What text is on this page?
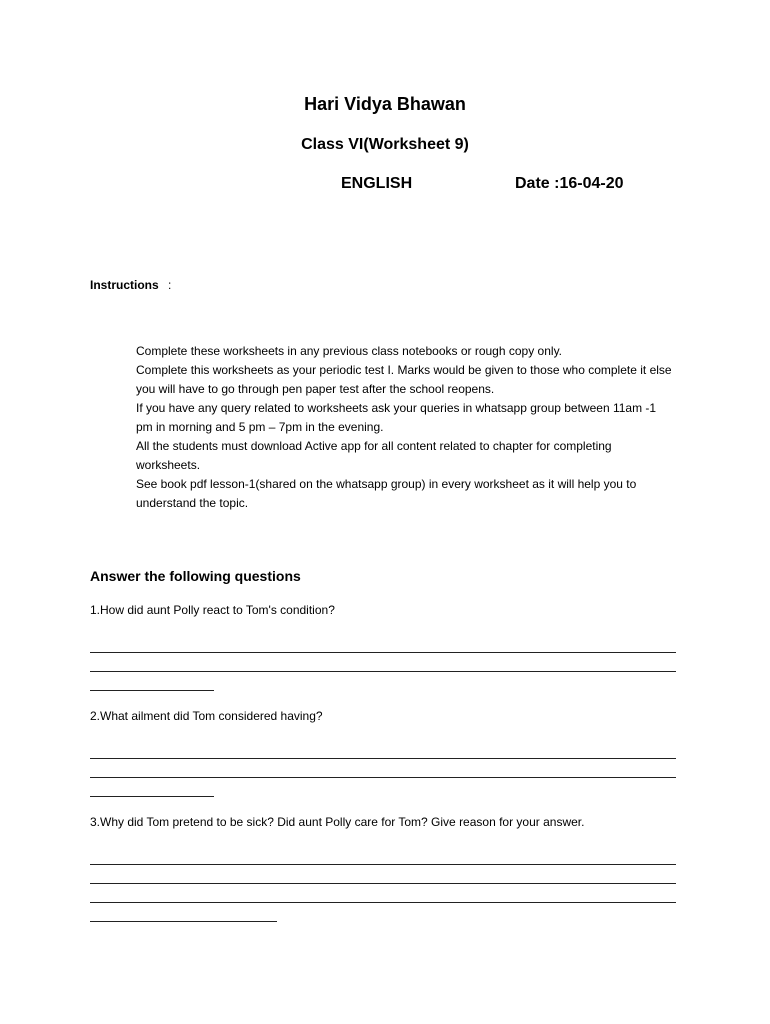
Hari Vidya Bhawan
Class VI(Worksheet 9)
ENGLISH	Date :16-04-20
Instructions :
Complete these worksheets in any previous class notebooks or rough copy only.
Complete this worksheets as your periodic test I. Marks would be given to those who complete it else you will have to go through pen paper test after the school reopens.
If you have any query related to worksheets ask your queries in whatsapp group between 11am -1 pm in morning and 5 pm – 7pm in the evening.
All the students must download Active app for all content related to chapter for completing worksheets.
See book pdf lesson-1(shared on the whatsapp group) in every worksheet as it will help you to understand the topic.
Answer the following questions
1.How did aunt Polly react to Tom's condition?
2.What ailment did Tom considered having?
3.Why did Tom pretend to be sick? Did aunt Polly care for Tom? Give reason for your answer.
